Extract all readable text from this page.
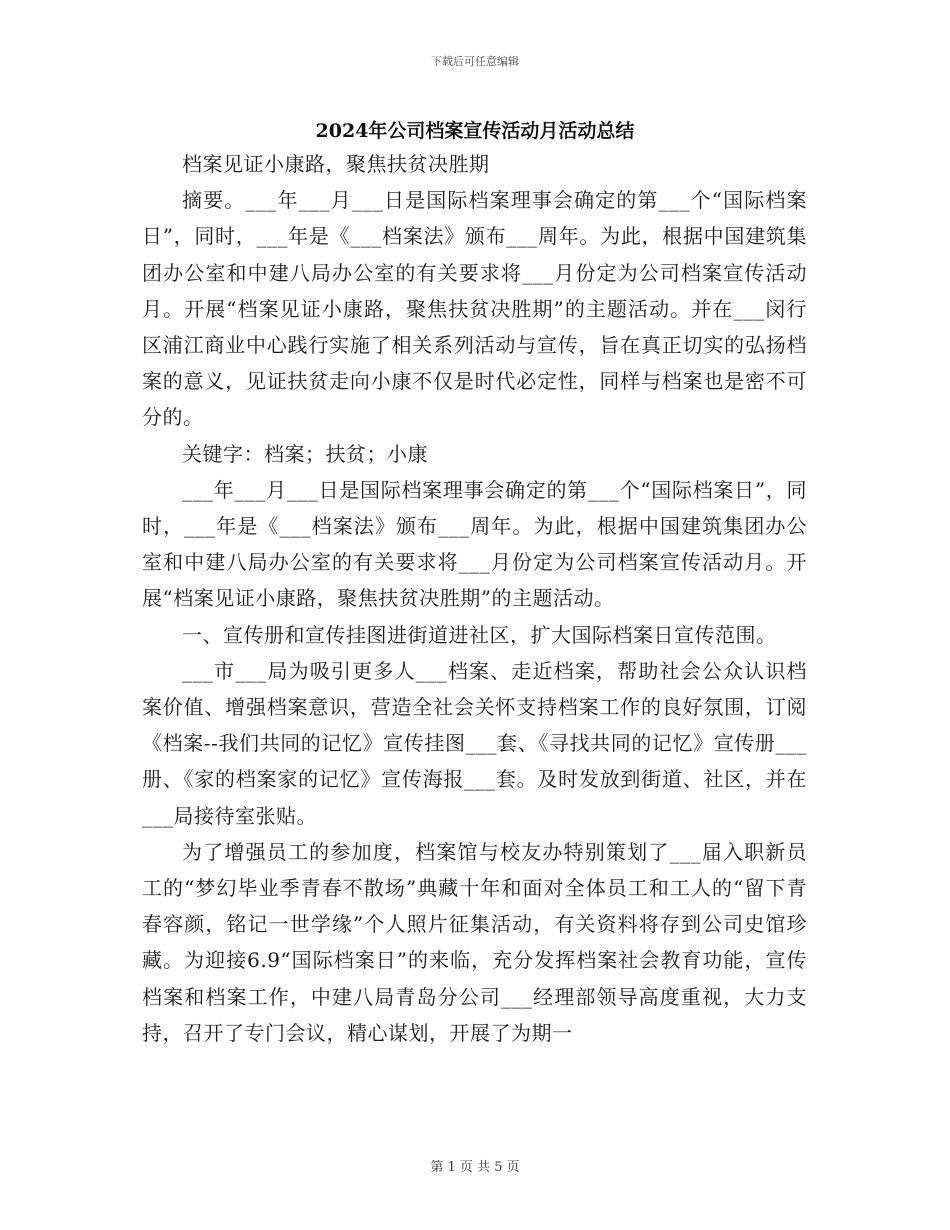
下载后可任意编辑
2024年公司档案宣传活动月活动总结

档案见证小康路，聚焦扶贫决胜期

摘要。___年___月___日是国际档案理事会确定的第___个“国际档案日”，同时，___年是《___档案法》颁布___周年。为此，根据中国建筑集团办公室和中建八局办公室的有关要求将___月份定为公司档案宣传活动月。开展“档案见证小康路，聚焦扶贫决胜期”的主题活动。并在___闵行区浦江商业中心践行实施了相关系列活动与宣传，旨在真正切实的弘扬档案的意义，见证扶贫走向小康不仅是时代必定性，同样与档案也是密不可分的。

关键字：档案；扶贫；小康

___年___月___日是国际档案理事会确定的第___个“国际档案日”，同时，___年是《___档案法》颁布___周年。为此，根据中国建筑集团办公室和中建八局办公室的有关要求将___月份定为公司档案宣传活动月。开展“档案见证小康路，聚焦扶贫决胜期”的主题活动。

一、宣传册和宣传挂图进街道进社区，扩大国际档案日宣传范围。

___市___局为吸引更多人___档案、走近档案，帮助社会公众认识档案价值、增强档案意识，营造全社会关怀支持档案工作的良好氛围，订阅《档案--我们共同的记忆》宣传挂图___套、《寻找共同的记忆》宣传册___册、《家的档案家的记忆》宣传海报___套。及时发放到街道、社区，并在___局接待室张贴。

为了增强员工的参加度，档案馆与校友办特别策划了___届入职新员工的“梦幻毕业季青春不散场”典藏十年和面对全体员工和工人的“留下青春容颜，铭记一世学缘”个人照片征集活动，有关资料将存到公司史馆珍藏。为迎接6.9“国际档案日”的来临，充分发挥档案社会教育功能，宣传档案和档案工作，中建八局青岛分公司___经理部领导高度重视，大力支持，召开了专门会议，精心谋划，开展了为期一

第 1 页 共 5 页
